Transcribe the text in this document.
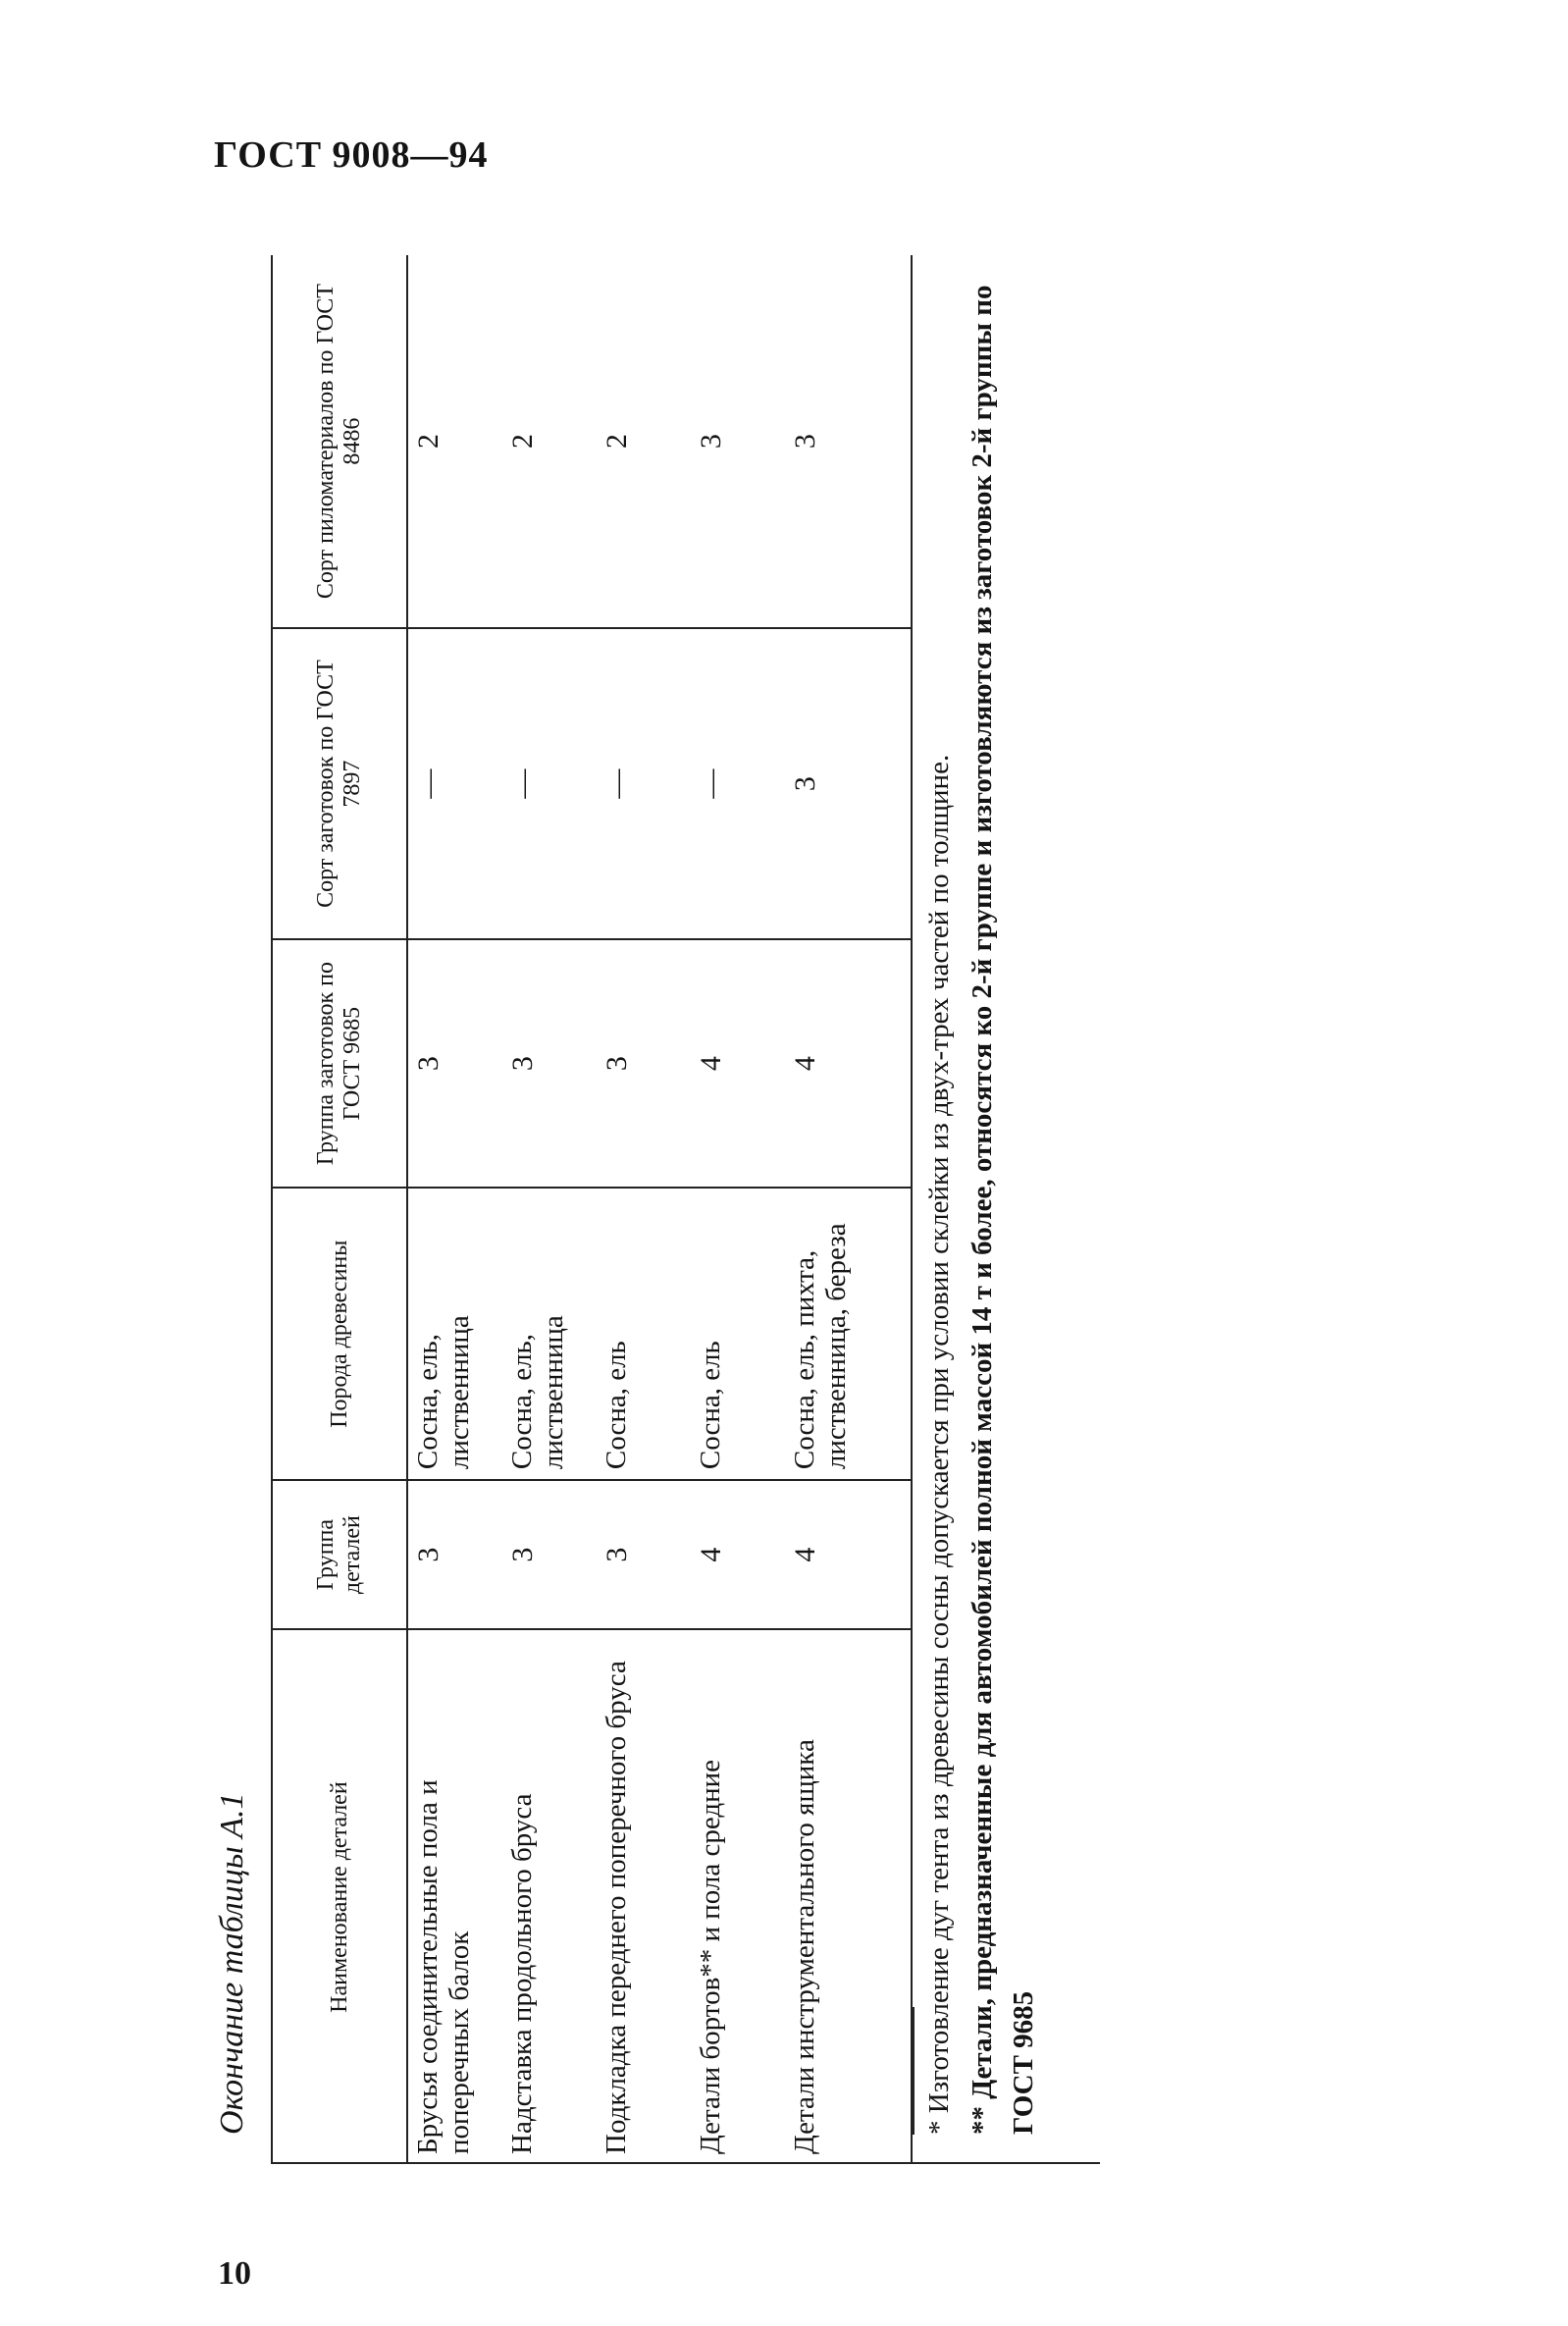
ГОСТ 9008—94
Окончание таблицы А.1	Наименование деталей	Группа деталей	Порода древесины	Группа заготовок по ГОСТ 9685	Сорт заготовок по ГОСТ 7897	Сорт пиломатериалов по ГОСТ 8486
Брусья соединительные пола и поперечных балок	3	Сосна, ель, лиственница	3	—	2
Надставка продольного бруса	3	Сосна, ель, лиственница	3	—	2
Подкладка переднего поперечного бруса	3	Сосна, ель	3	—	2
Детали бортов** и пола средние	4	Сосна, ель	4	—	3
Детали инструментального ящика	4	Сосна, ель, пихта, лиственница, береза	4	3	3
* Изготовление дуг тента из древесины сосны допускается при условии склейки из двух-трех частей по толщине. ** Детали, предназначенные для автомобилей полной массой 14 т и более, относятся ко 2-й группе и изготовляются из заготовок 2-й группы по ГОСТ 9685
10
